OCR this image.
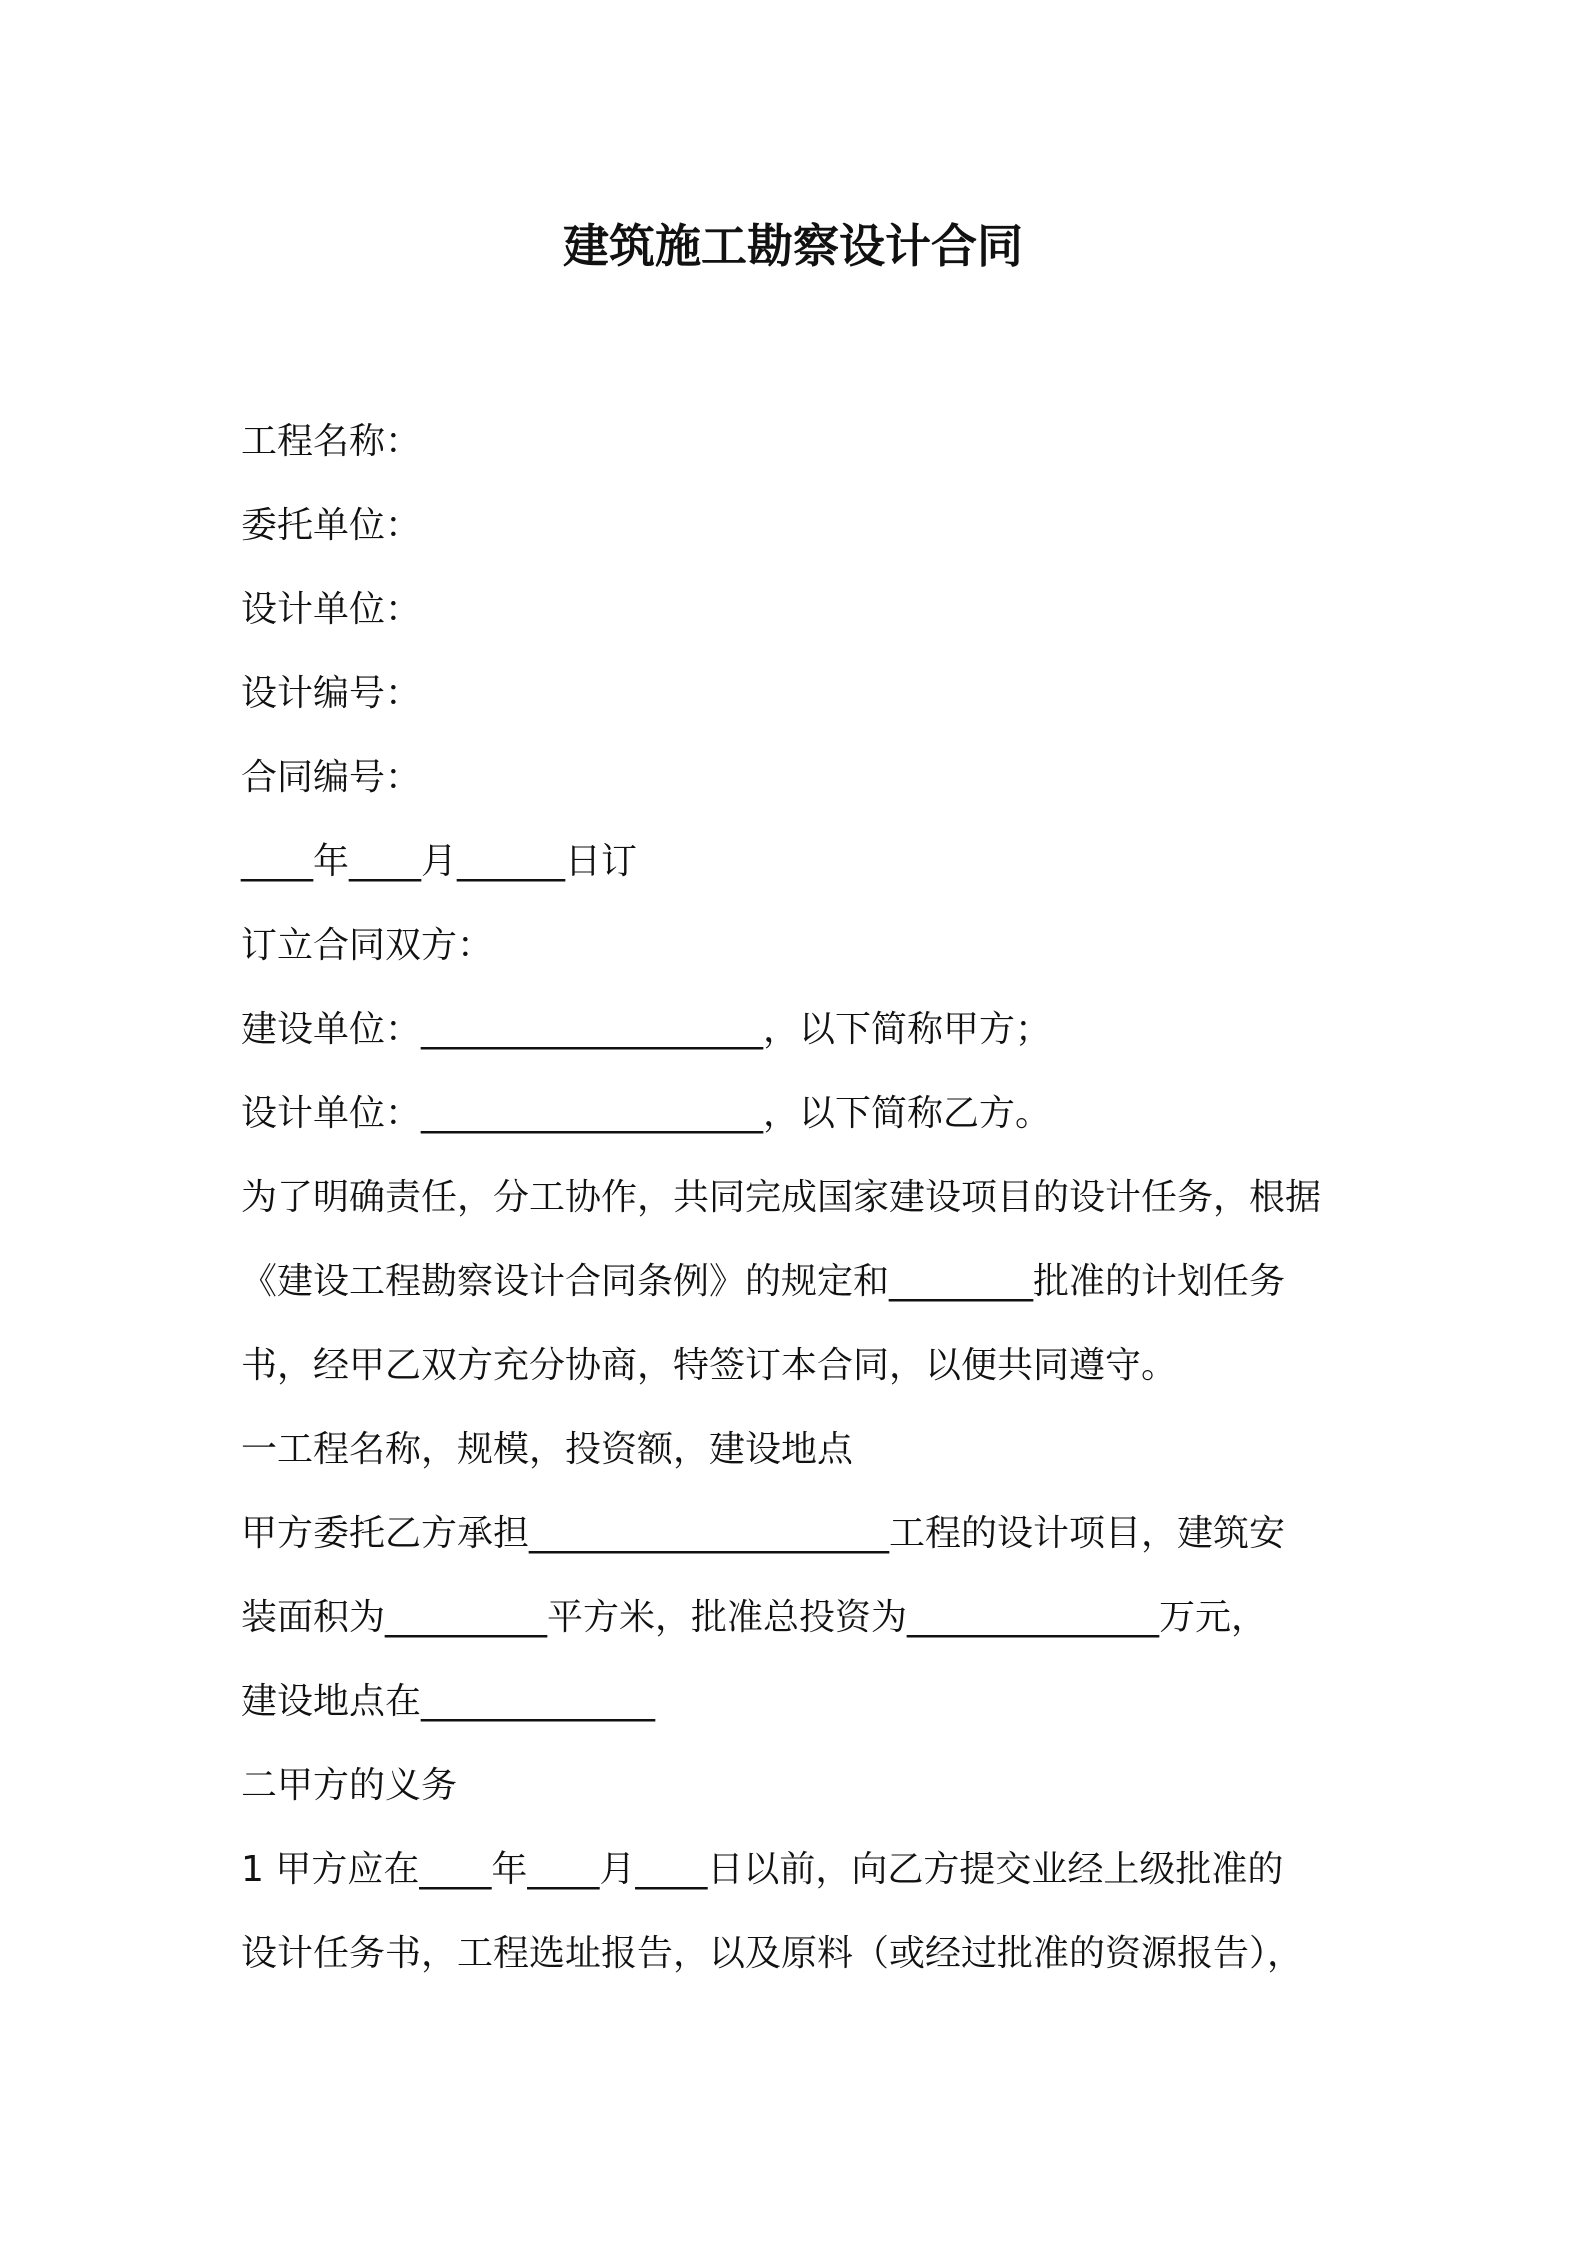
建筑施工勘察设计合同
工程名称：
委托单位：
设计单位：
设计编号：
合同编号：
____年____月______日订
订立合同双方：
建设单位：___________________，以下简称甲方；
设计单位：___________________，以下简称乙方。
为了明确责任，分工协作，共同完成国家建设项目的设计任务，根据
《建设工程勘察设计合同条例》的规定和________批准的计划任务
书，经甲乙双方充分协商，特签订本合同，以便共同遵守。
一工程名称，规模，投资额，建设地点
甲方委托乙方承担____________________工程的设计项目，建筑安
装面积为_________平方米，批准总投资为______________万元，
建设地点在_____________
二甲方的义务
1 甲方应在____年____月____日以前，向乙方提交业经上级批准的
设计任务书，工程选址报告，以及原料（或经过批准的资源报告），
